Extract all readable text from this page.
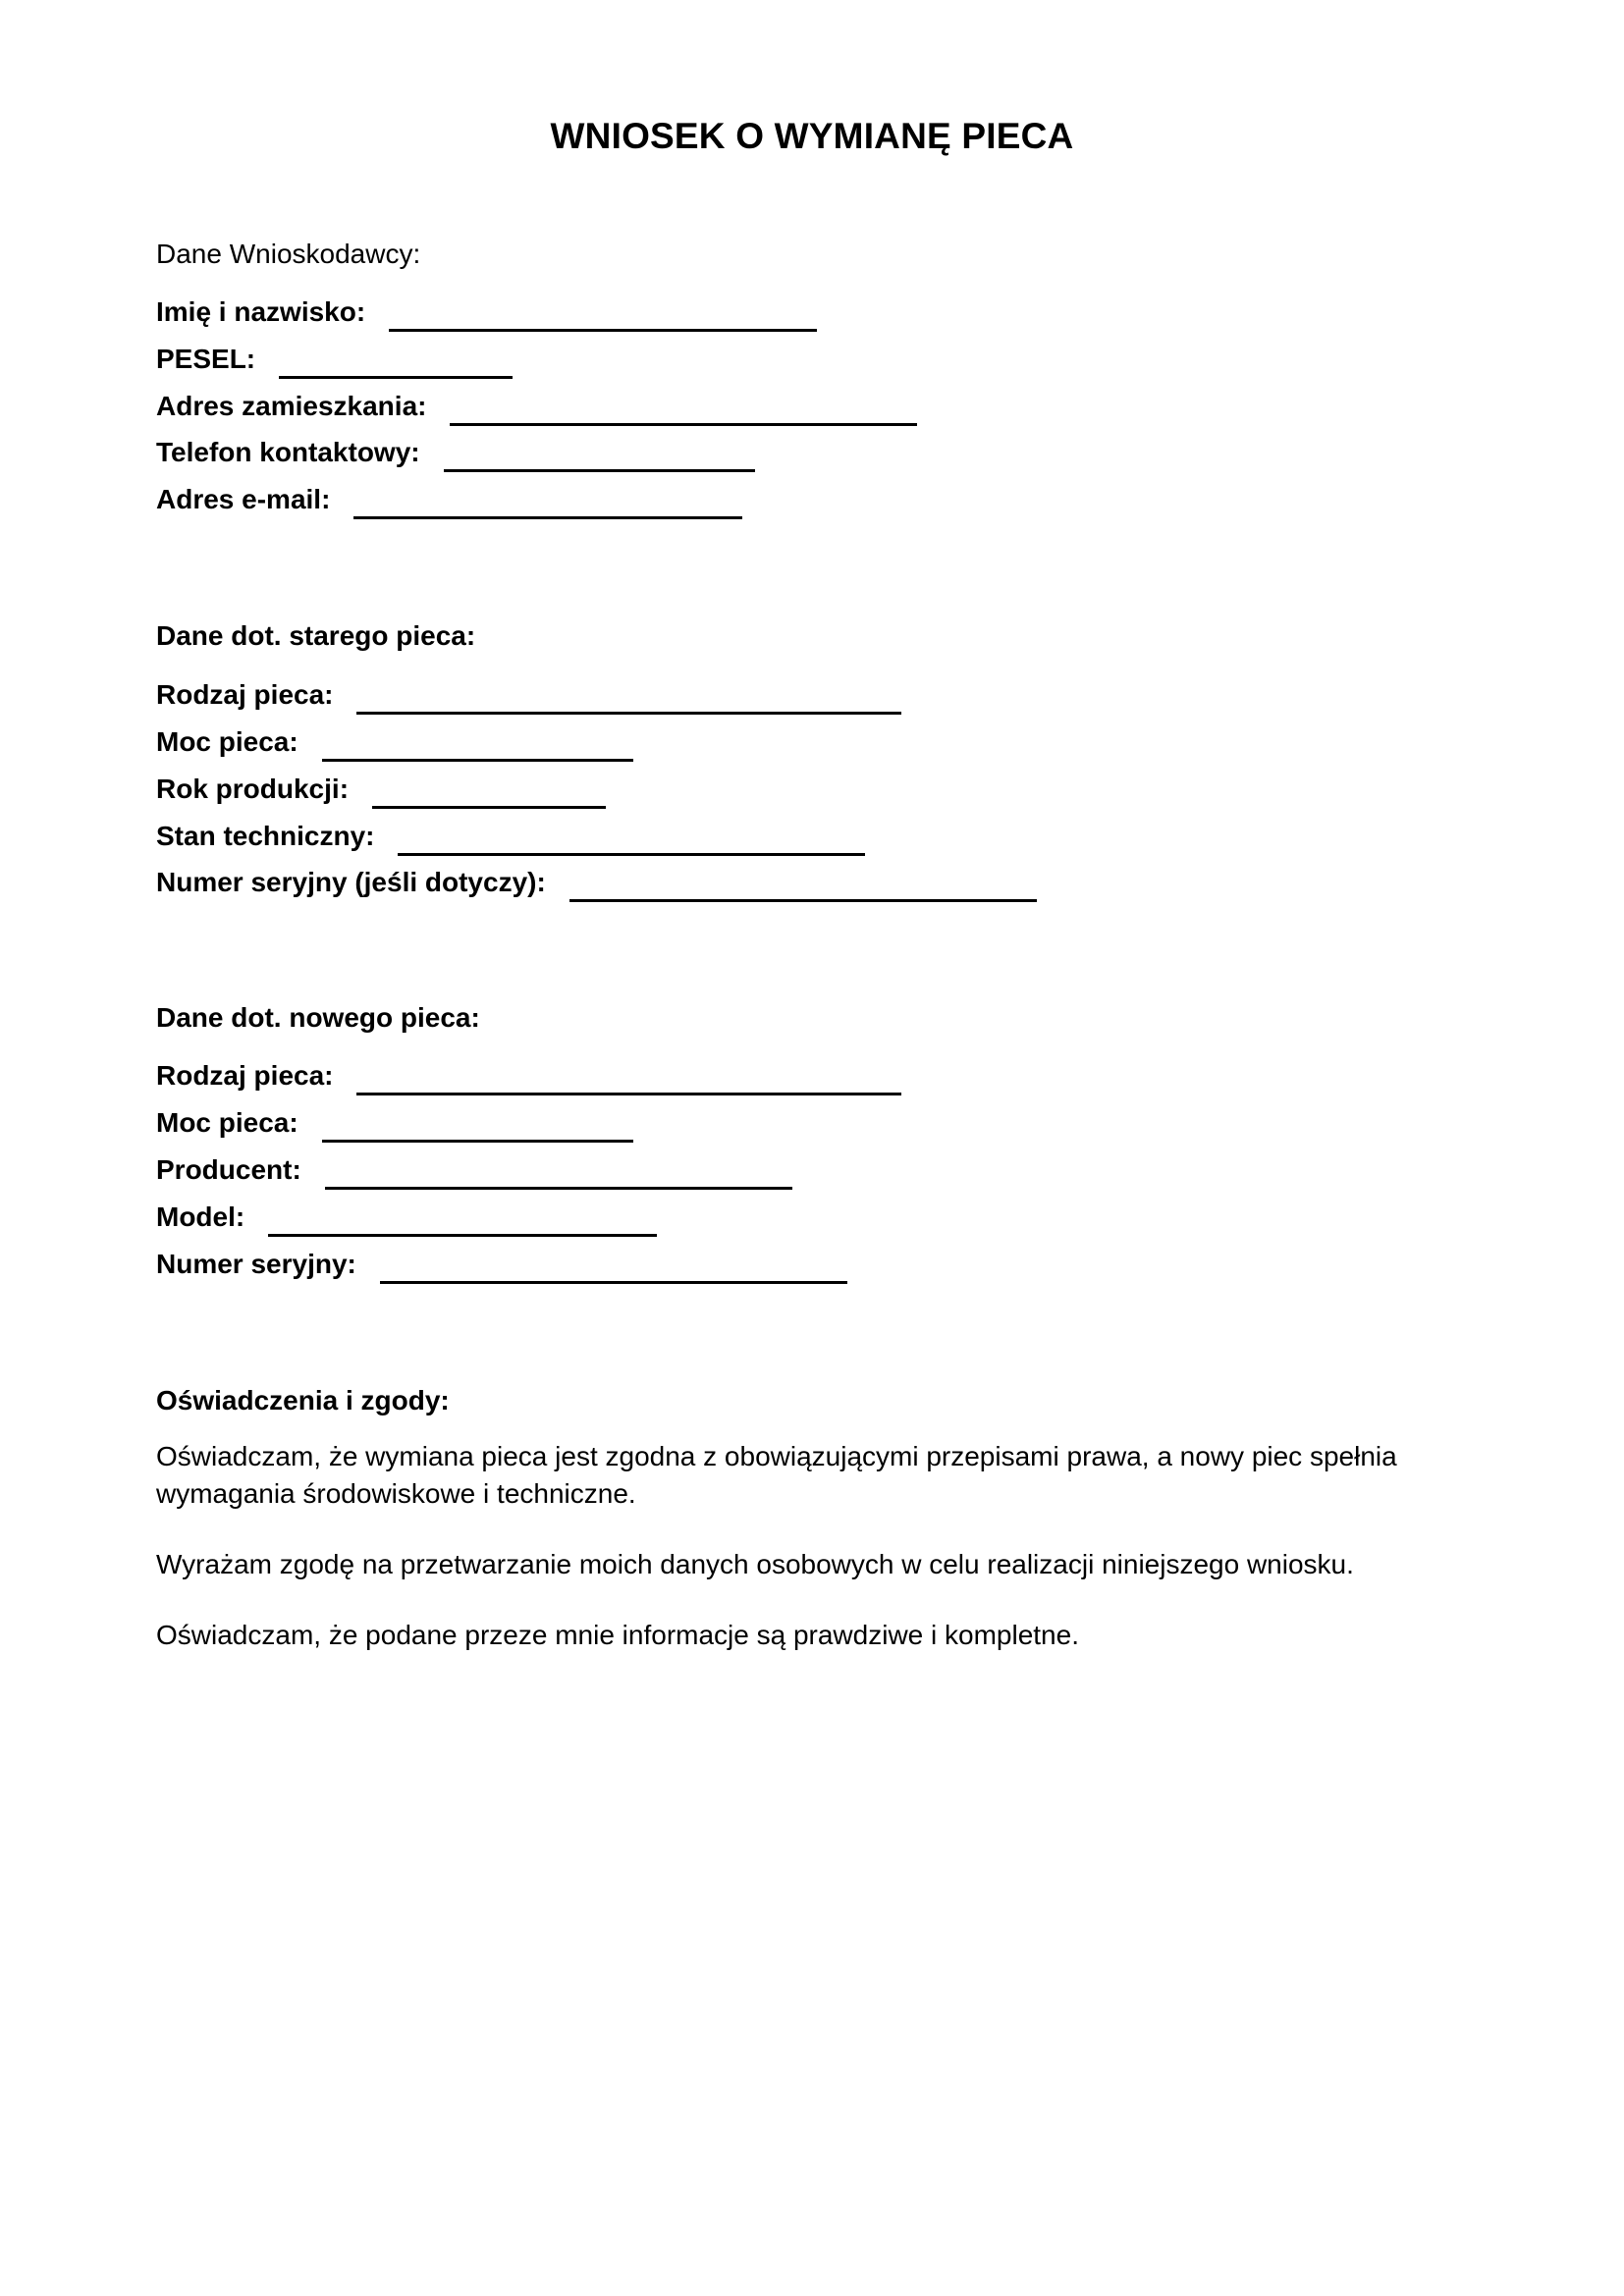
WNIOSEK O WYMIANĘ PIECA
Dane Wnioskodawcy:
Imię i nazwisko:
PESEL:
Adres zamieszkania:
Telefon kontaktowy:
Adres e-mail:
Dane dot. starego pieca:
Rodzaj pieca:
Moc pieca:
Rok produkcji:
Stan techniczny:
Numer seryjny (jeśli dotyczy):
Dane dot. nowego pieca:
Rodzaj pieca:
Moc pieca:
Producent:
Model:
Numer seryjny:
Oświadczenia i zgody:
Oświadczam, że wymiana pieca jest zgodna z obowiązującymi przepisami prawa, a nowy piec spełnia wymagania środowiskowe i techniczne.
Wyrażam zgodę na przetwarzanie moich danych osobowych w celu realizacji niniejszego wniosku.
Oświadczam, że podane przeze mnie informacje są prawdziwe i kompletne.
